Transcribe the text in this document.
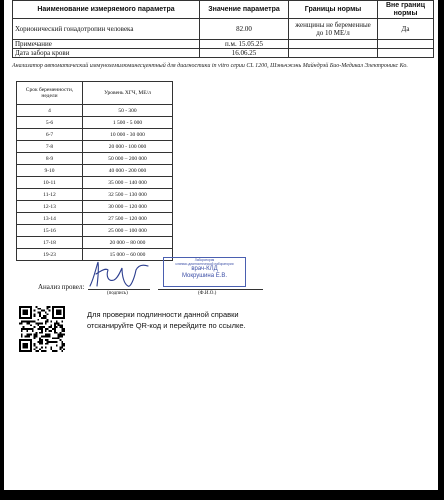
Наименование измеряемого параметра	Значение параметра	Границы нормы	Вне границ нормы
Хорионический гонадотропин человека	82.00	женщины не беременные до 10 МЕ/л	Да
Примечание	п.м. 15.05.25		
Дата забора крови	16.06.25		
Анализатор автоматический иммунохемилюминесцентный для диагностики in vitro серии CL 1200, Шэньчжэнь Майндрэй Био-Медикал Электроникс Ко.
Срок беременности, недели	Уровень ХГЧ, МЕ/л
4	50 - 300
5-6	1 500 - 5 000
6-7	10 000 - 30 000
7-8	20 000 - 100 000
8-9	50 000 – 200 000
9-10	40 000 - 200 000
10-11	35 000 – 140 000
11-12	32 500 – 130 000
12-13	30 000 – 120 000
13-14	27 500 – 120 000
15-16	25 000 – 100 000
17-18	20 000 – 80 000
19-23	15 000 – 60 000
Лаборатория
клинико-диагностической лаборатории
врач-КЛД
Мокрушина Е.В.
Анализ провел:
(подпись)	(Ф.И.О.)
Для проверки подлинности данной справки
отсканируйте QR-код и перейдите по ссылке.
